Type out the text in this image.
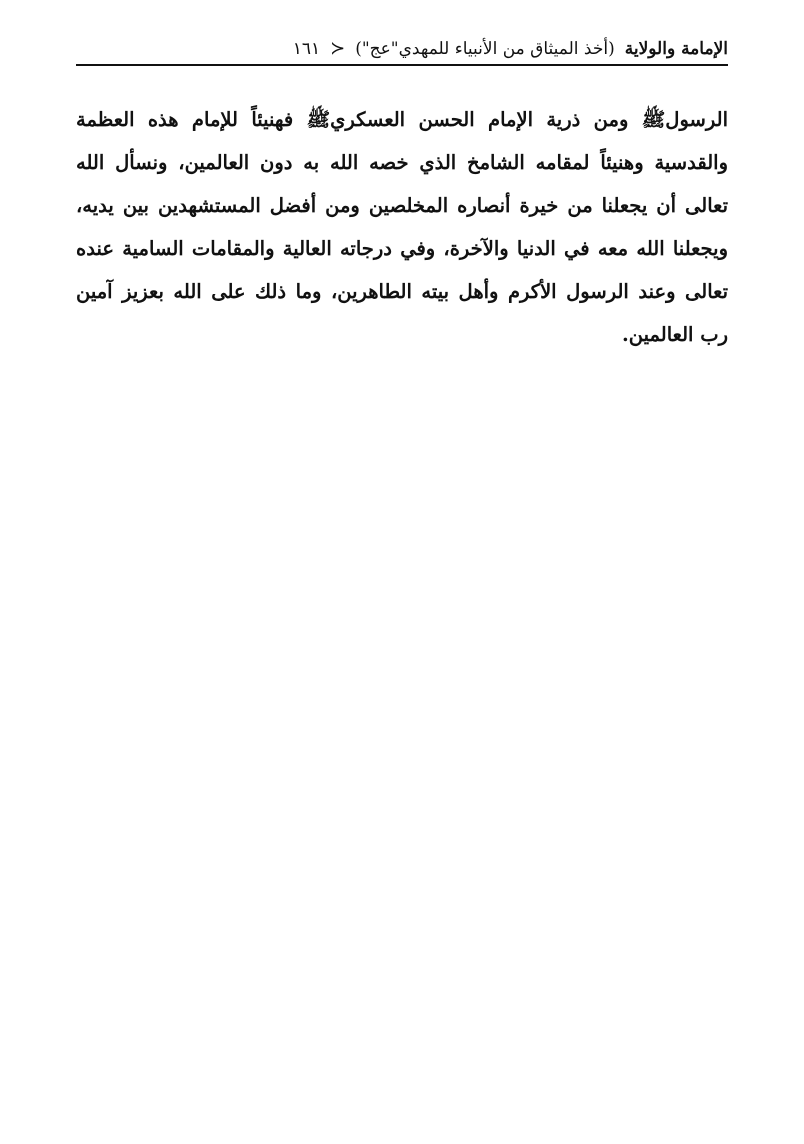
الإمامة والولاية
(أخذ الميثاق من الأنبياء للمهدي"عج")
≺
١٦١

الرسولﷺ ومن ذرية الإمام الحسن العسكريﷺ فهنيئاً للإمام هذه العظمة والقدسية وهنيئاً لمقامه الشامخ الذي خصه الله به دون العالمين، ونسأل الله تعالى أن يجعلنا من خيرة أنصاره المخلصين ومن أفضل المستشهدين بين يديه، ويجعلنا الله معه في الدنيا والآخرة، وفي درجاته العالية والمقامات السامية عنده تعالى وعند الرسول الأكرم وأهل بيته الطاهرين، وما ذلك على الله بعزيز آمين رب العالمين.
